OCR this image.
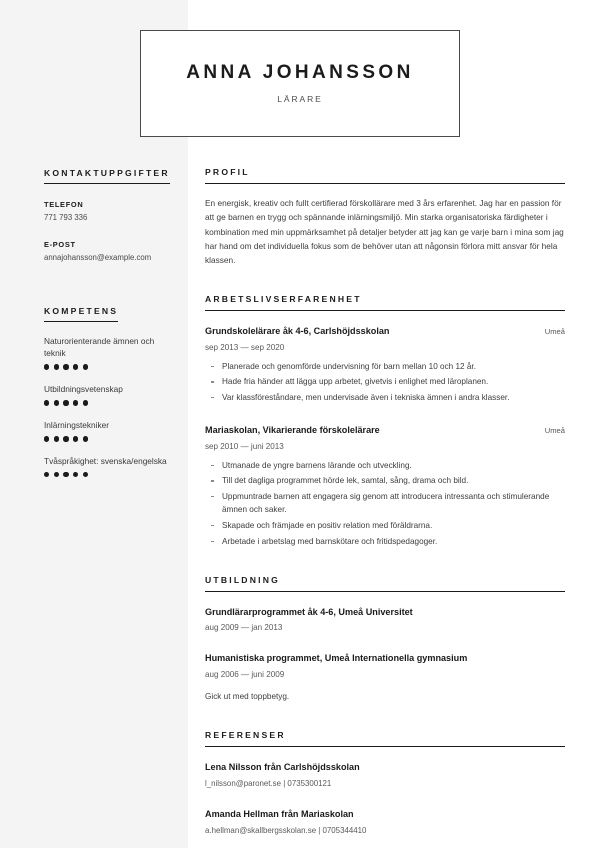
ANNA JOHANSSON
LÄRARE
KONTAKTUPPGIFTER
TELEFON
771 793 336
E-POST
annajohansson@example.com
KOMPETENS
Naturorienterande ämnen och teknik
Utbildningsvetenskap
Inlärningstekniker
Tvåspråkighet: svenska/engelska
PROFIL
En energisk, kreativ och fullt certifierad förskollärare med 3 års erfarenhet. Jag har en passion för att ge barnen en trygg och spännande inlärningsmiljö. Min starka organisatoriska färdigheter i kombination med min uppmärksamhet på detaljer betyder att jag kan ge varje barn i mina som jag har hand om det individuella fokus som de behöver utan att någonsin förlora mitt ansvar för hela klassen.
ARBETSLIVSERFARENHET
Grundskolelärare åk 4-6, Carlshöjdsskolan	Umeå
sep 2013 — sep 2020
Planerade och genomförde undervisning för barn mellan 10 och 12 år.
Hade fria händer att lägga upp arbetet, givetvis i enlighet med läroplanen.
Var klassföreståndare, men undervisade även i tekniska ämnen i andra klasser.
Mariaskolan, Vikarierande förskolelärare	Umeå
sep 2010 — juni 2013
Utmanade de yngre barnens lärande och utveckling.
Till det dagliga programmet hörde lek, samtal, sång, drama och bild.
Uppmuntrade barnen att engagera sig genom att introducera intressanta och stimulerande ämnen och saker.
Skapade och främjade en positiv relation med föräldrarna.
Arbetade i arbetslag med barnskötare och fritidspedagoger.
UTBILDNING
Grundlärarprogrammet åk 4-6, Umeå Universitet
aug 2009 — jan 2013
Humanistiska programmet, Umeå Internationella gymnasium
aug 2006 — juni 2009
Gick ut med toppbetyg.
REFERENSER
Lena Nilsson från Carlshöjdsskolan
l_nilsson@paronet.se | 0735300121
Amanda Hellman från Mariaskolan
a.hellman@skallbergsskolan.se | 0705344410
